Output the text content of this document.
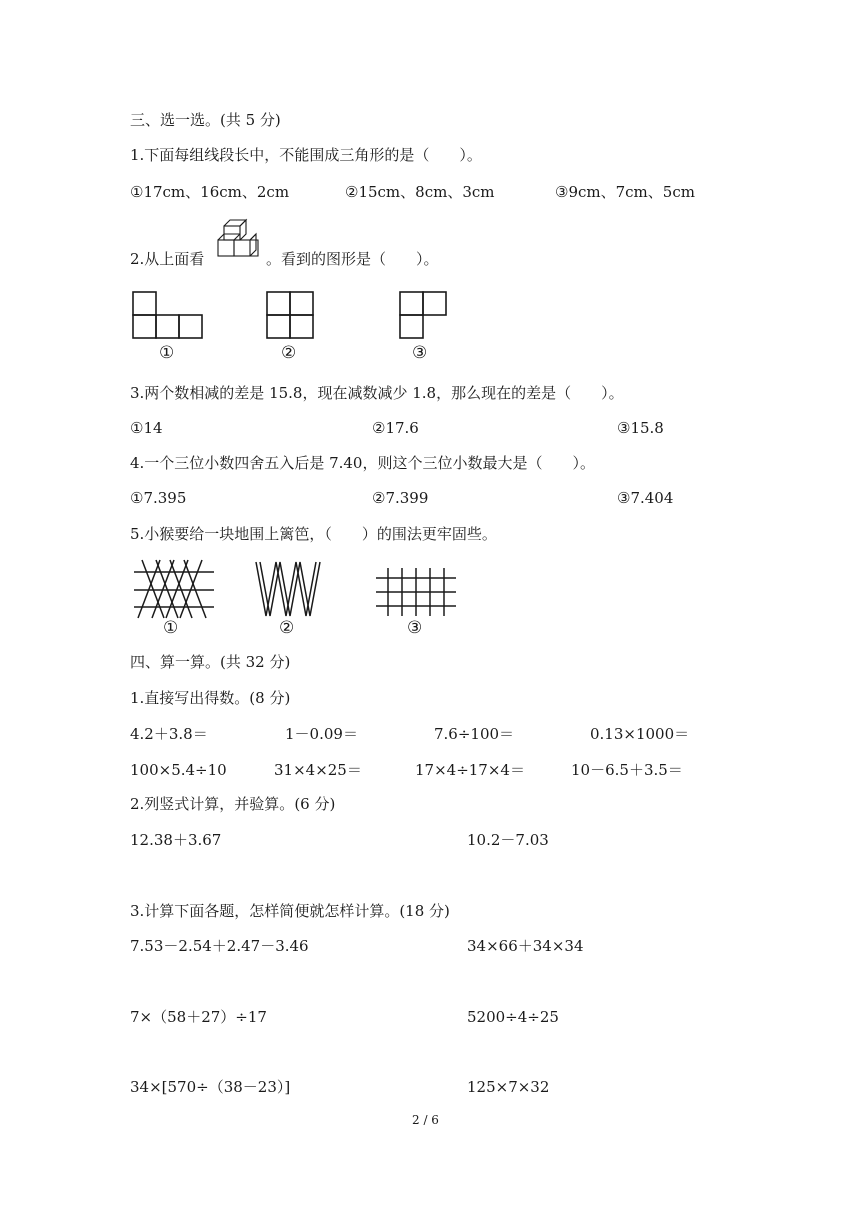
三、选一选。(共 5 分)
1.下面每组线段长中，不能围成三角形的是（　　）。
①17cm、16cm、2cm	②15cm、8cm、3cm	③9cm、7cm、5cm
2.从上面看	。看到的图形是（　　）。
①	②	③
3.两个数相减的差是 15.8，现在减数减少 1.8，那么现在的差是（　　）。
①14	②17.6	③15.8
4.一个三位小数四舍五入后是 7.40，则这个三位小数最大是（　　）。
①7.395	②7.399	③7.404
5.小猴要给一块地围上篱笆，（　　）的围法更牢固些。
①	②	③
四、算一算。(共 32 分)
1.直接写出得数。(8 分)
4.2＋3.8＝	1－0.09＝	7.6÷100＝	0.13×1000＝
100×5.4÷10	31×4×25＝	17×4÷17×4＝	10－6.5＋3.5＝
2.列竖式计算，并验算。(6 分)
12.38＋3.67	10.2－7.03
3.计算下面各题，怎样简便就怎样计算。(18 分)
7.53－2.54＋2.47－3.46	34×66＋34×34
7×（58＋27）÷17	5200÷4÷25
34×[570÷（38－23）]	125×7×32
2 / 6
